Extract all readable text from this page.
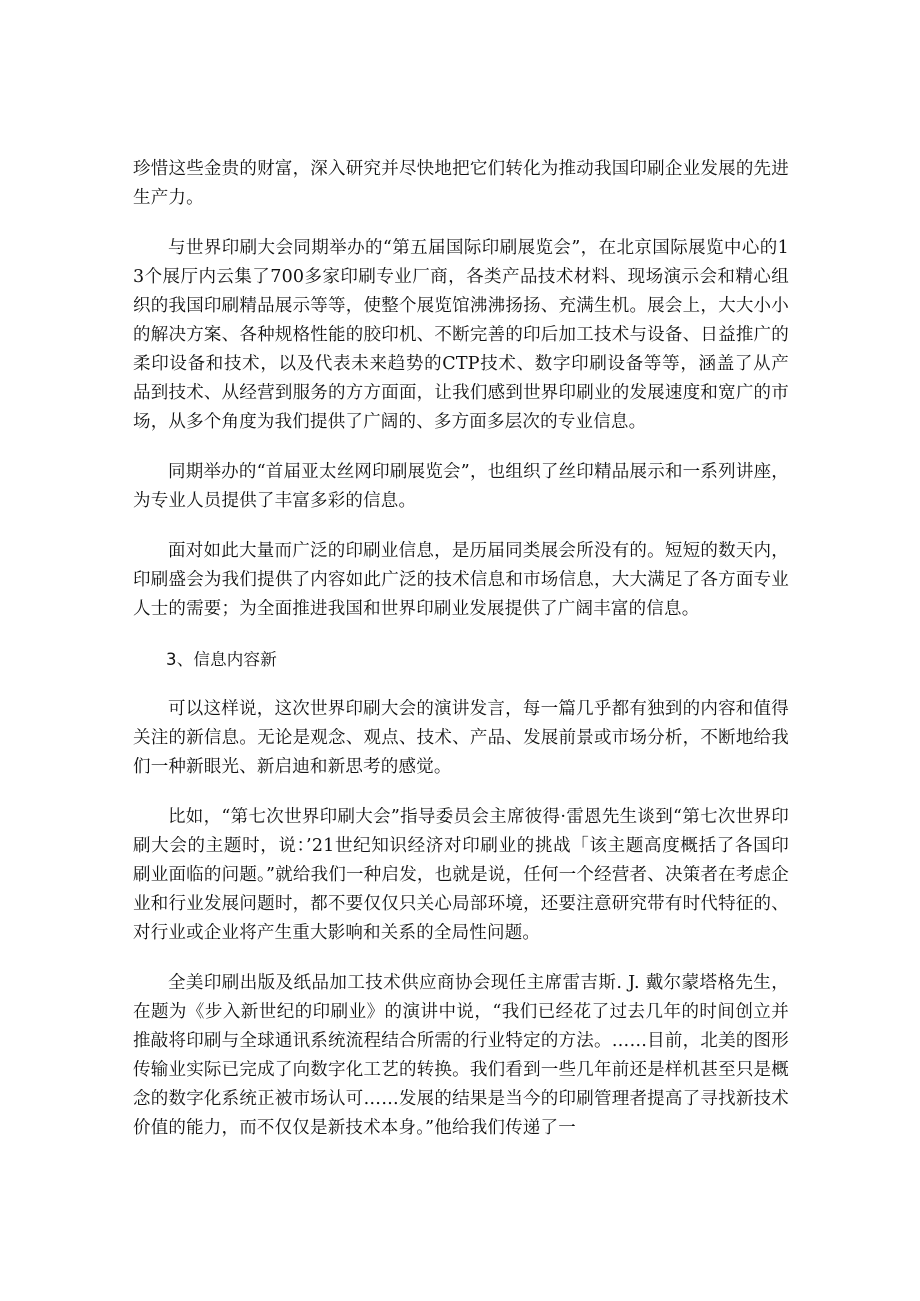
珍惜这些金贵的财富，深入研究并尽快地把它们转化为推动我国印刷企业发展的先进生产力。

与世界印刷大会同期举办的“第五届国际印刷展览会”，在北京国际展览中心的13个展厅内云集了700多家印刷专业厂商，各类产品技术材料、现场演示会和精心组织的我国印刷精品展示等等，使整个展览馆沸沸扬扬、充满生机。展会上，大大小小的解决方案、各种规格性能的胶印机、不断完善的印后加工技术与设备、日益推广的柔印设备和技术，以及代表未来趋势的CTP技术、数字印刷设备等等，涵盖了从产品到技术、从经营到服务的方方面面，让我们感到世界印刷业的发展速度和宽广的市场，从多个角度为我们提供了广阔的、多方面多层次的专业信息。

同期举办的“首届亚太丝网印刷展览会”，也组织了丝印精品展示和一系列讲座，为专业人员提供了丰富多彩的信息。

面对如此大量而广泛的印刷业信息，是历届同类展会所没有的。短短的数天内，印刷盛会为我们提供了内容如此广泛的技术信息和市场信息，大大满足了各方面专业人士的需要；为全面推进我国和世界印刷业发展提供了广阔丰富的信息。

3、信息内容新

可以这样说，这次世界印刷大会的演讲发言，每一篇几乎都有独到的内容和值得关注的新信息。无论是观念、观点、技术、产品、发展前景或市场分析，不断地给我们一种新眼光、新启迪和新思考的感觉。

比如，“第七次世界印刷大会”指导委员会主席彼得·雷恩先生谈到“第七次世界印刷大会的主题时，说：’21世纪知识经济对印刷业的挑战「该主题高度概括了各国印刷业面临的问题。”就给我们一种启发，也就是说，任何一个经营者、决策者在考虑企业和行业发展问题时，都不要仅仅只关心局部环境，还要注意研究带有时代特征的、对行业或企业将产生重大影响和关系的全局性问题。

全美印刷出版及纸品加工技术供应商协会现任主席雷吉斯. J. 戴尔蒙塔格先生，在题为《步入新世纪的印刷业》的演讲中说，“我们已经花了过去几年的时间创立并推敲将印刷与全球通讯系统流程结合所需的行业特定的方法。……目前，北美的图形传输业实际已完成了向数字化工艺的转换。我们看到一些几年前还是样机甚至只是概念的数字化系统正被市场认可……发展的结果是当今的印刷管理者提高了寻找新技术价值的能力，而不仅仅是新技术本身。”他给我们传递了一
